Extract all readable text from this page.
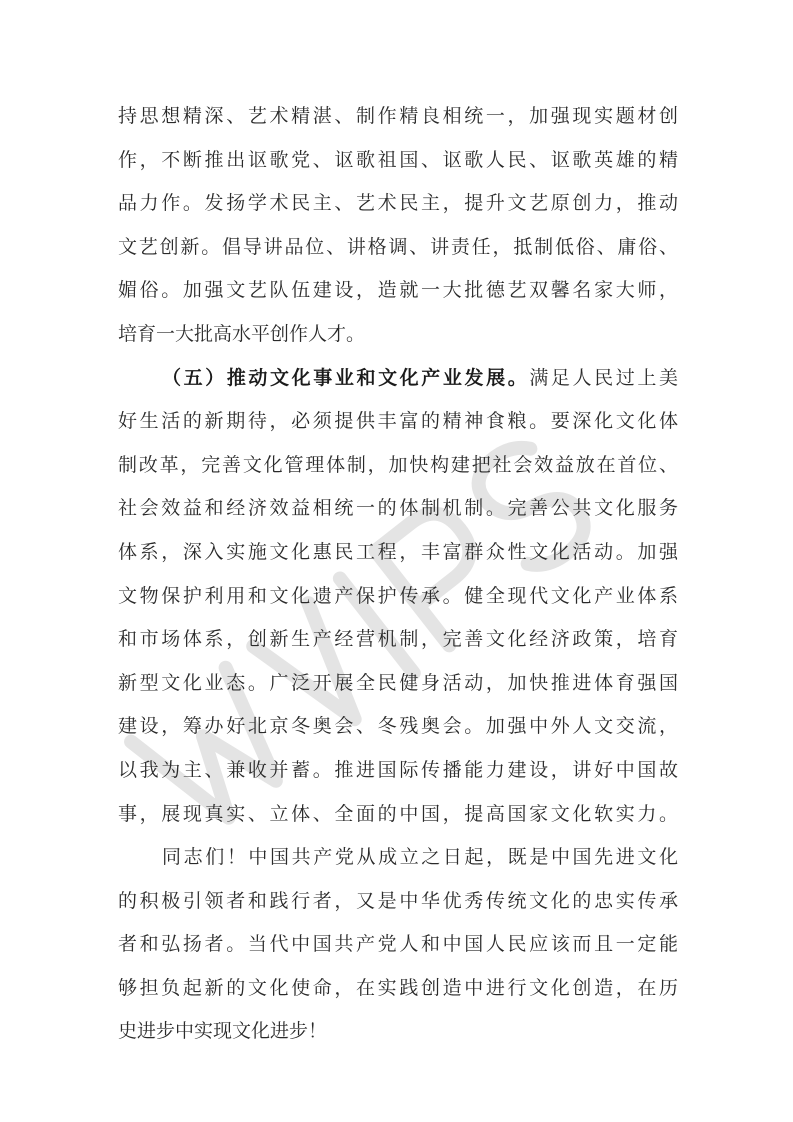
持思想精深、艺术精湛、制作精良相统一，加强现实题材创
作，不断推出讴歌党、讴歌祖国、讴歌人民、讴歌英雄的精
品力作。发扬学术民主、艺术民主，提升文艺原创力，推动
文艺创新。倡导讲品位、讲格调、讲责任，抵制低俗、庸俗、
媚俗。加强文艺队伍建设，造就一大批德艺双馨名家大师，
培育一大批高水平创作人才。
（五）推动文化事业和文化产业发展。满足人民过上美
好生活的新期待，必须提供丰富的精神食粮。要深化文化体
制改革，完善文化管理体制，加快构建把社会效益放在首位、
社会效益和经济效益相统一的体制机制。完善公共文化服务
体系，深入实施文化惠民工程，丰富群众性文化活动。加强
文物保护利用和文化遗产保护传承。健全现代文化产业体系
和市场体系，创新生产经营机制，完善文化经济政策，培育
新型文化业态。广泛开展全民健身活动，加快推进体育强国
建设，筹办好北京冬奥会、冬残奥会。加强中外人文交流，
以我为主、兼收并蓄。推进国际传播能力建设，讲好中国故
事，展现真实、立体、全面的中国，提高国家文化软实力。
同志们！中国共产党从成立之日起，既是中国先进文化
的积极引领者和践行者，又是中华优秀传统文化的忠实传承
者和弘扬者。当代中国共产党人和中国人民应该而且一定能
够担负起新的文化使命，在实践创造中进行文化创造，在历
史进步中实现文化进步！
